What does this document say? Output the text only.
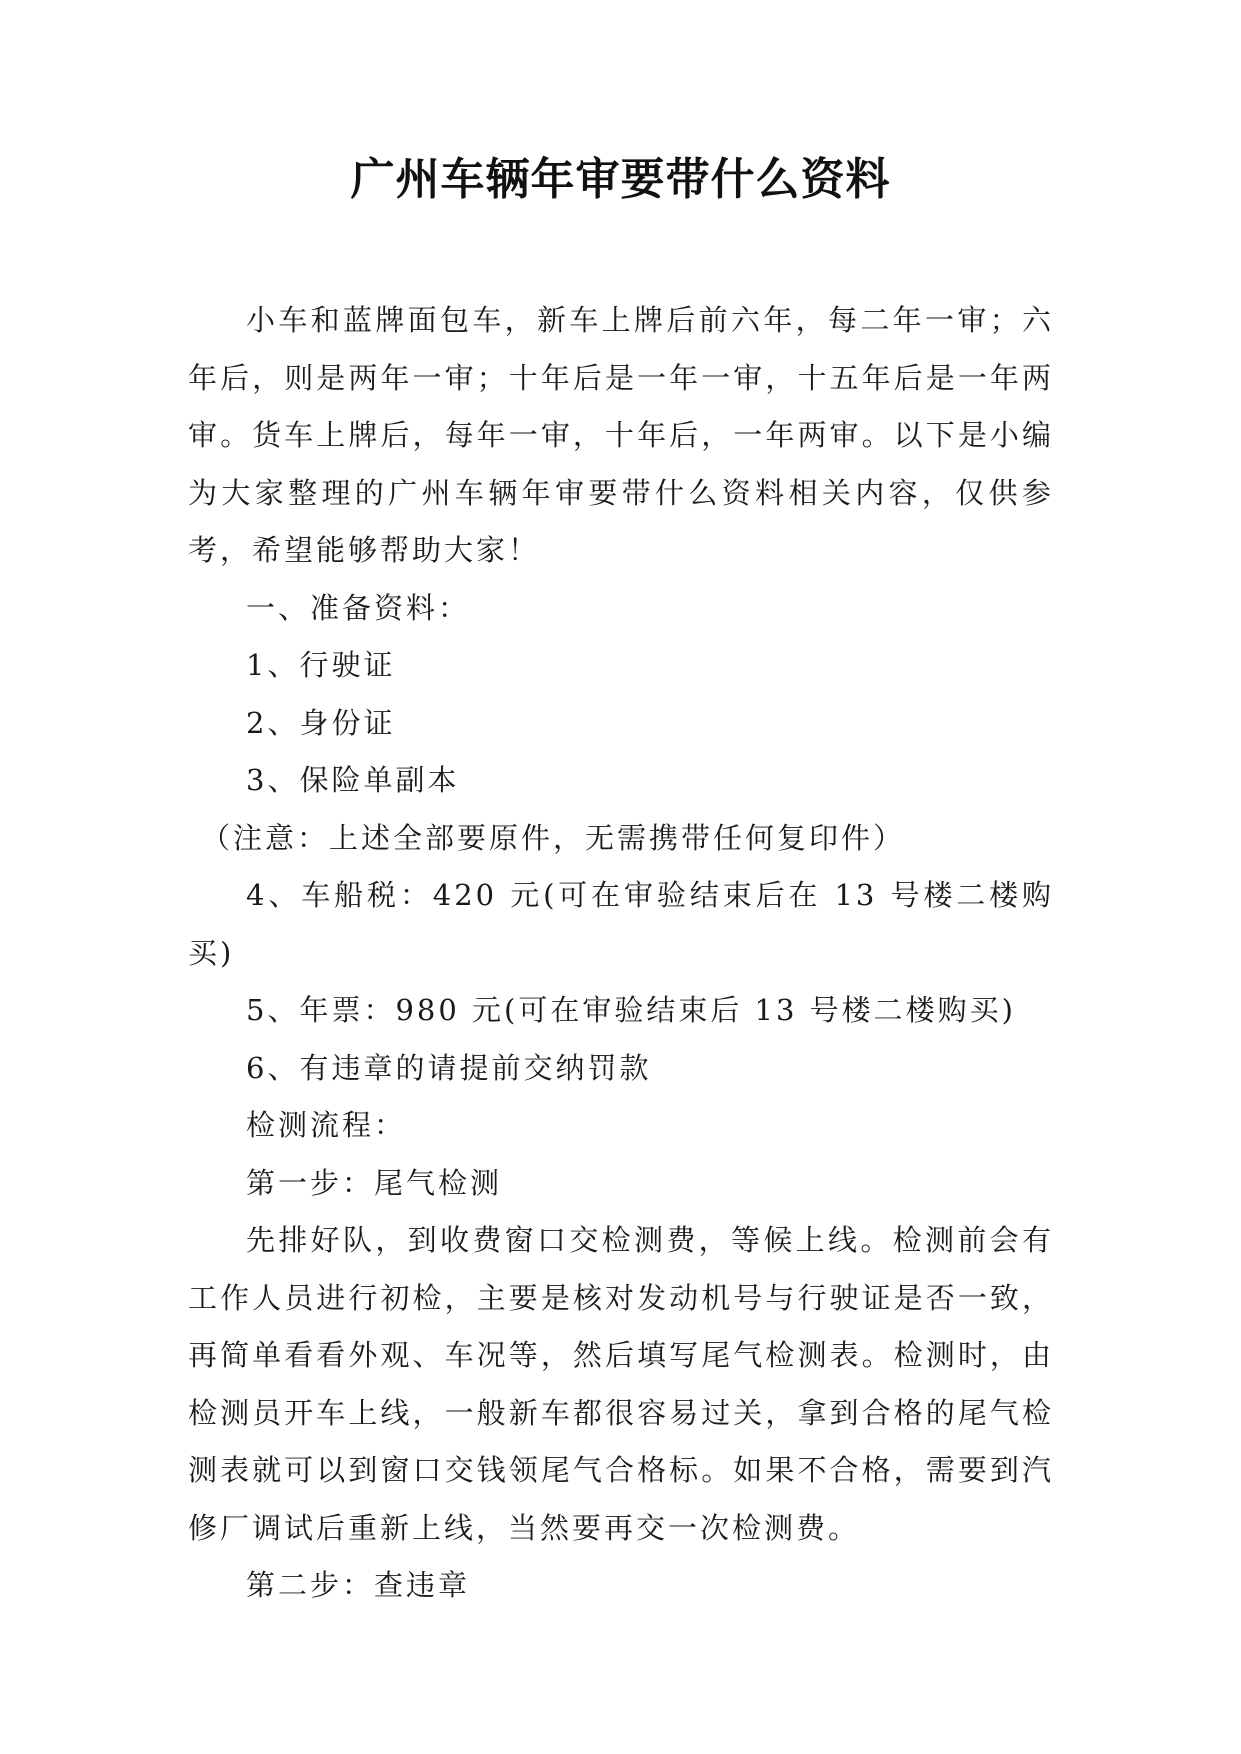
广州车辆年审要带什么资料

小车和蓝牌面包车，新车上牌后前六年，每二年一审；六年后，则是两年一审；十年后是一年一审，十五年后是一年两审。货车上牌后，每年一审，十年后，一年两审。以下是小编为大家整理的广州车辆年审要带什么资料相关内容，仅供参考，希望能够帮助大家！

一、准备资料：

1、行驶证

2、身份证

3、保险单副本

（注意：上述全部要原件，无需携带任何复印件）

4、车船税：420 元(可在审验结束后在 13 号楼二楼购买)

5、年票：980 元(可在审验结束后 13 号楼二楼购买)

6、有违章的请提前交纳罚款

检测流程：

第一步：尾气检测

先排好队，到收费窗口交检测费，等候上线。检测前会有工作人员进行初检，主要是核对发动机号与行驶证是否一致，再简单看看外观、车况等，然后填写尾气检测表。检测时，由检测员开车上线，一般新车都很容易过关，拿到合格的尾气检测表就可以到窗口交钱领尾气合格标。如果不合格，需要到汽修厂调试后重新上线，当然要再交一次检测费。

第二步：查违章
